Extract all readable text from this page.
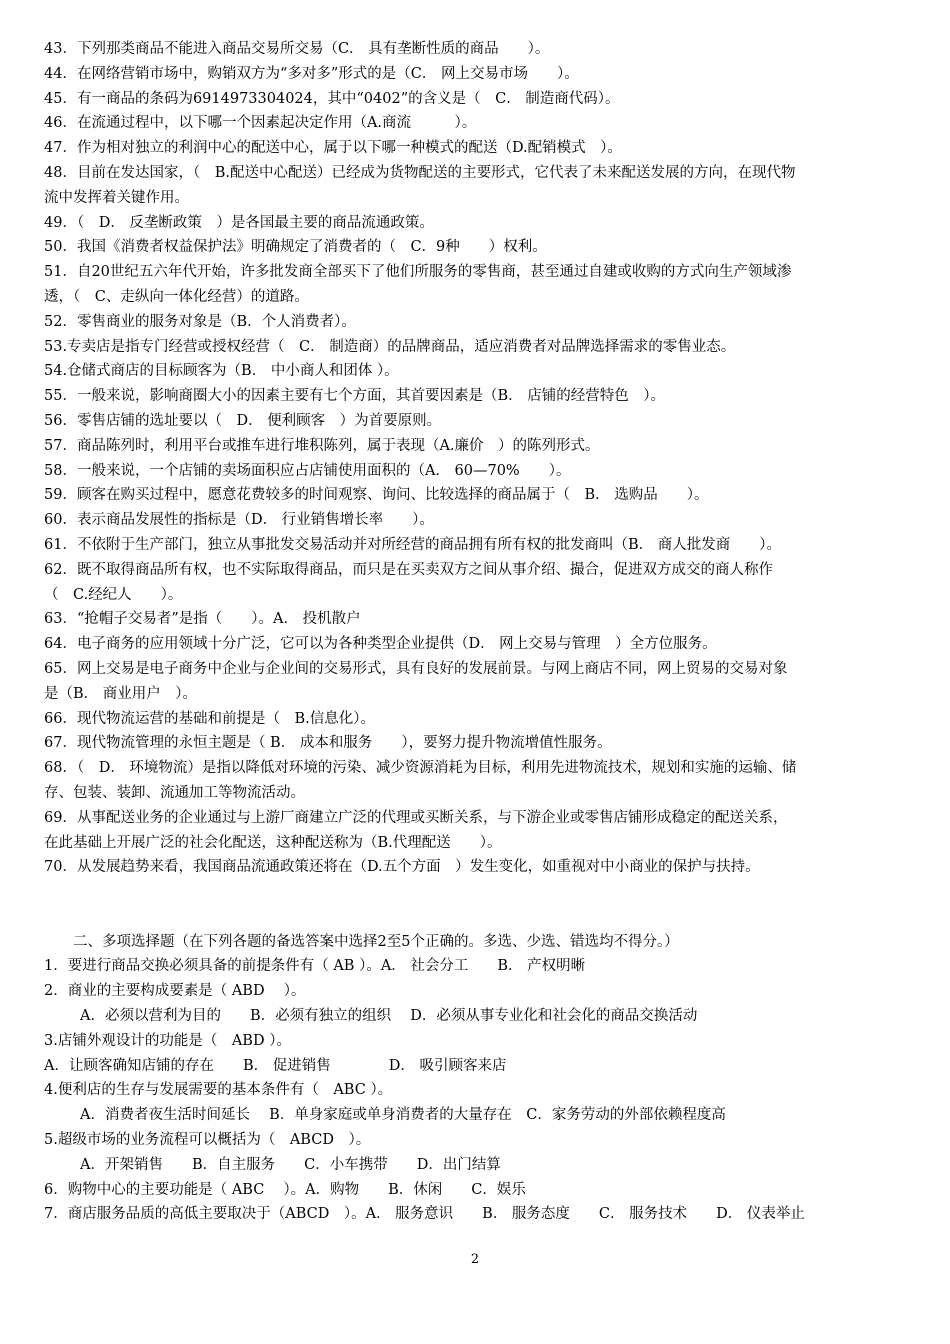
43．下列那类商品不能进入商品交易所交易（C． 具有垄断性质的商品　　）。
44．在网络营销市场中，购销双方为“多对多”形式的是（C． 网上交易市场　　）。
45．有一商品的条码为6914973304024，其中“0402”的含义是（　C． 制造商代码）。
46．在流通过程中，以下哪一个因素起决定作用（A.商流　　　）。
47．作为相对独立的利润中心的配送中心，属于以下哪一种模式的配送（D.配销模式　）。
48．目前在发达国家，（　B.配送中心配送）已经成为货物配送的主要形式，它代表了未来配送发展的方向，在现代物
流中发挥着关键作用。
49．（　D． 反垄断政策　）是各国最主要的商品流通政策。
50．我国《消费者权益保护法》明确规定了消费者的（　C．9种　　）权利。
51．自20世纪五六年代开始，许多批发商全部买下了他们所服务的零售商，甚至通过自建或收购的方式向生产领域渗
透，（　C、走纵向一体化经营）的道路。
52．零售商业的服务对象是（B．个人消费者）。
53.专卖店是指专门经营或授权经营（　C． 制造商）的品牌商品，适应消费者对品牌选择需求的零售业态。
54.仓储式商店的目标顾客为（B． 中小商人和团体 ）。
55．一般来说，影响商圈大小的因素主要有七个方面，其首要因素是（B． 店铺的经营特色　）。
56．零售店铺的选址要以（　D． 便利顾客　）为首要原则。
57．商品陈列时，利用平台或推车进行堆积陈列，属于表现（A.廉价　）的陈列形式。
58．一般来说，一个店铺的卖场面积应占店铺使用面积的（A． 60—70%　　）。
59．顾客在购买过程中，愿意花费较多的时间观察、询问、比较选择的商品属于（　B． 选购品　　）。
60．表示商品发展性的指标是（D． 行业销售增长率　　）。
61．不依附于生产部门，独立从事批发交易活动并对所经营的商品拥有所有权的批发商叫（B． 商人批发商　　）。
62．既不取得商品所有权，也不实际取得商品，而只是在买卖双方之间从事介绍、撮合，促进双方成交的商人称作
（　C.经纪人　　）。
63．“抢帽子交易者”是指（　　）。A． 投机散户
64．电子商务的应用领域十分广泛，它可以为各种类型企业提供（D． 网上交易与管理　）全方位服务。
65．网上交易是电子商务中企业与企业间的交易形式，具有良好的发展前景。与网上商店不同，网上贸易的交易对象
是（B． 商业用户　）。
66．现代物流运营的基础和前提是（　B.信息化）。
67．现代物流管理的永恒主题是（ B． 成本和服务　　），要努力提升物流增值性服务。
68．（　D． 环境物流）是指以降低对环境的污染、减少资源消耗为目标，利用先进物流技术，规划和实施的运输、储
存、包装、装卸、流通加工等物流活动。
69．从事配送业务的企业通过与上游厂商建立广泛的代理或买断关系，与下游企业或零售店铺形成稳定的配送关系，
在此基础上开展广泛的社会化配送，这种配送称为（B.代理配送　　）。
70．从发展趋势来看，我国商品流通政策还将在（D.五个方面　）发生变化，如重视对中小商业的保护与扶持。
　　二、多项选择题（在下列各题的备选答案中选择2至5个正确的。多选、少选、错选均不得分。）
1．要进行商品交换必须具备的前提条件有（ AB ）。A． 社会分工　　B． 产权明晰
2．商业的主要构成要素是（ ABD　 ）。
A．必须以营利为目的　　B．必须有独立的组织　 D．必须从事专业化和社会化的商品交换活动
3.店铺外观设计的功能是（　ABD ）。
A．让顾客确知店铺的存在　　B． 促进销售　　　　D． 吸引顾客来店
4.便利店的生存与发展需要的基本条件有（　ABC ）。
A．消费者夜生活时间延长　 B．单身家庭或单身消费者的大量存在　C．家务劳动的外部依赖程度高
5.超级市场的业务流程可以概括为（　ABCD　）。
A．开架销售　　B．自主服务　　C．小车携带　　D．出门结算
6．购物中心的主要功能是（ ABC　 ）。A．购物　　B．休闲　　C．娱乐
7．商店服务品质的高低主要取决于（ABCD　）。A． 服务意识　　B． 服务态度　　C． 服务技术　　D． 仪表举止
2
